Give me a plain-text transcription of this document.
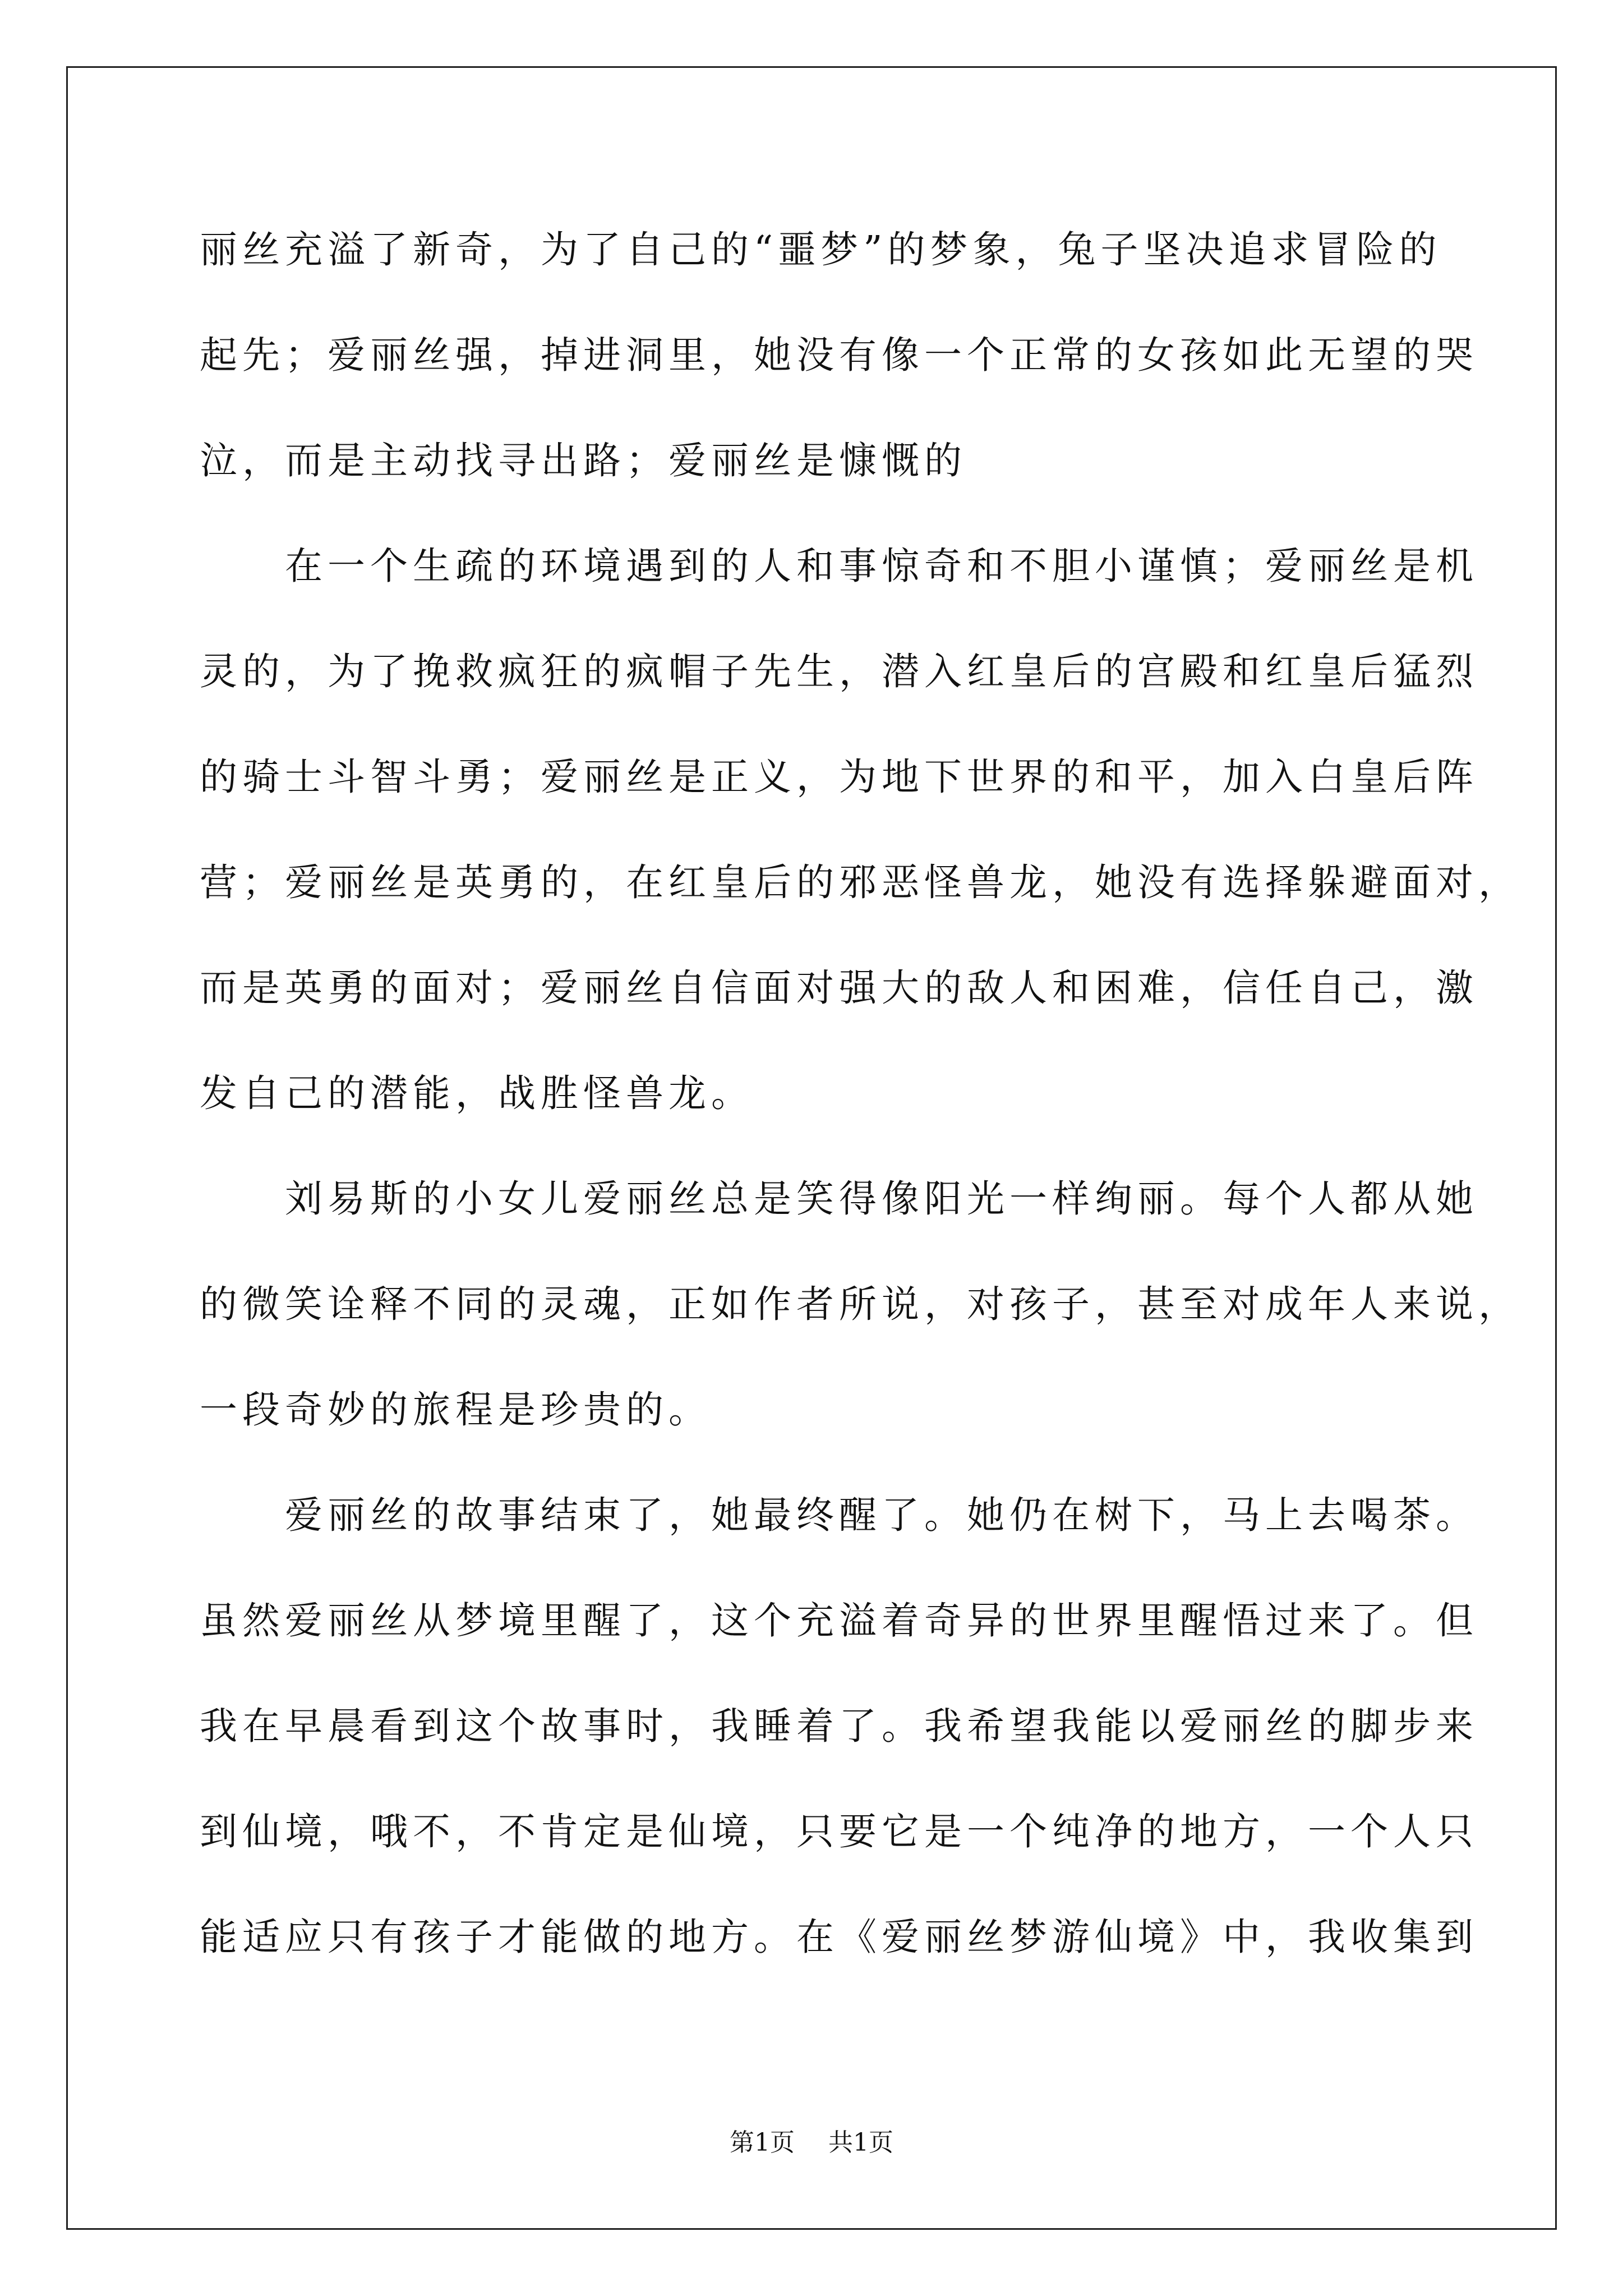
丽丝充溢了新奇，为了自己的“噩梦”的梦象，兔子坚决追求冒险的
起先；爱丽丝强，掉进洞里，她没有像一个正常的女孩如此无望的哭
泣，而是主动找寻出路；爱丽丝是慷慨的
　　在一个生疏的环境遇到的人和事惊奇和不胆小谨慎；爱丽丝是机
灵的，为了挽救疯狂的疯帽子先生，潜入红皇后的宫殿和红皇后猛烈
的骑士斗智斗勇；爱丽丝是正义，为地下世界的和平，加入白皇后阵
营；爱丽丝是英勇的，在红皇后的邪恶怪兽龙，她没有选择躲避面对，
而是英勇的面对；爱丽丝自信面对强大的敌人和困难，信任自己，激
发自己的潜能，战胜怪兽龙。
　　刘易斯的小女儿爱丽丝总是笑得像阳光一样绚丽。每个人都从她
的微笑诠释不同的灵魂，正如作者所说，对孩子，甚至对成年人来说，
一段奇妙的旅程是珍贵的。
　　爱丽丝的故事结束了，她最终醒了。她仍在树下，马上去喝茶。
虽然爱丽丝从梦境里醒了，这个充溢着奇异的世界里醒悟过来了。但
我在早晨看到这个故事时，我睡着了。我希望我能以爱丽丝的脚步来
到仙境，哦不，不肯定是仙境，只要它是一个纯净的地方，一个人只
能适应只有孩子才能做的地方。在《爱丽丝梦游仙境》中，我收集到
第1页 共1页
